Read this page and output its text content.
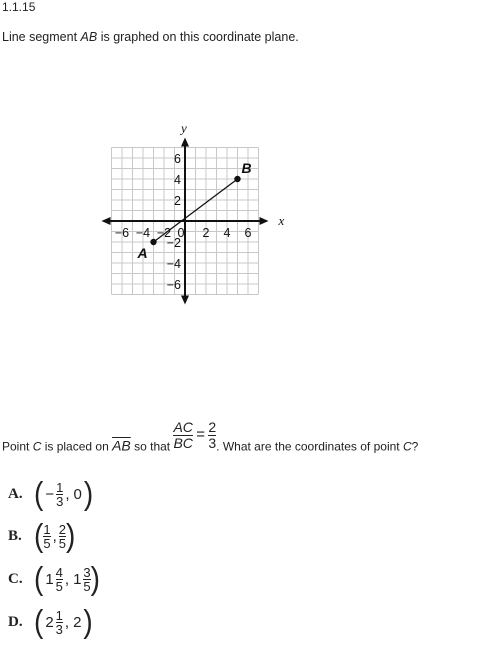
1.1.15
Line segment AB is graphed on this coordinate plane.
x
y
−6 −4 −2 0 2 4 6
6
4
2
−2
−4
−6
A
B
Point C is placed on $\overline{AB}$ so that $\frac{AC}{BC} = \frac{2}{3}$ . What are the coordinates of point C?
A. ( − $\frac{1}{3}$ , 0 )
B. ( $\frac{1}{5}$ , $\frac{2}{5}$ )
C. ( $1 \frac{4}{5}$ , $1 \frac{3}{5}$ )
D. ( $2 \frac{1}{3}$ , 2 )
